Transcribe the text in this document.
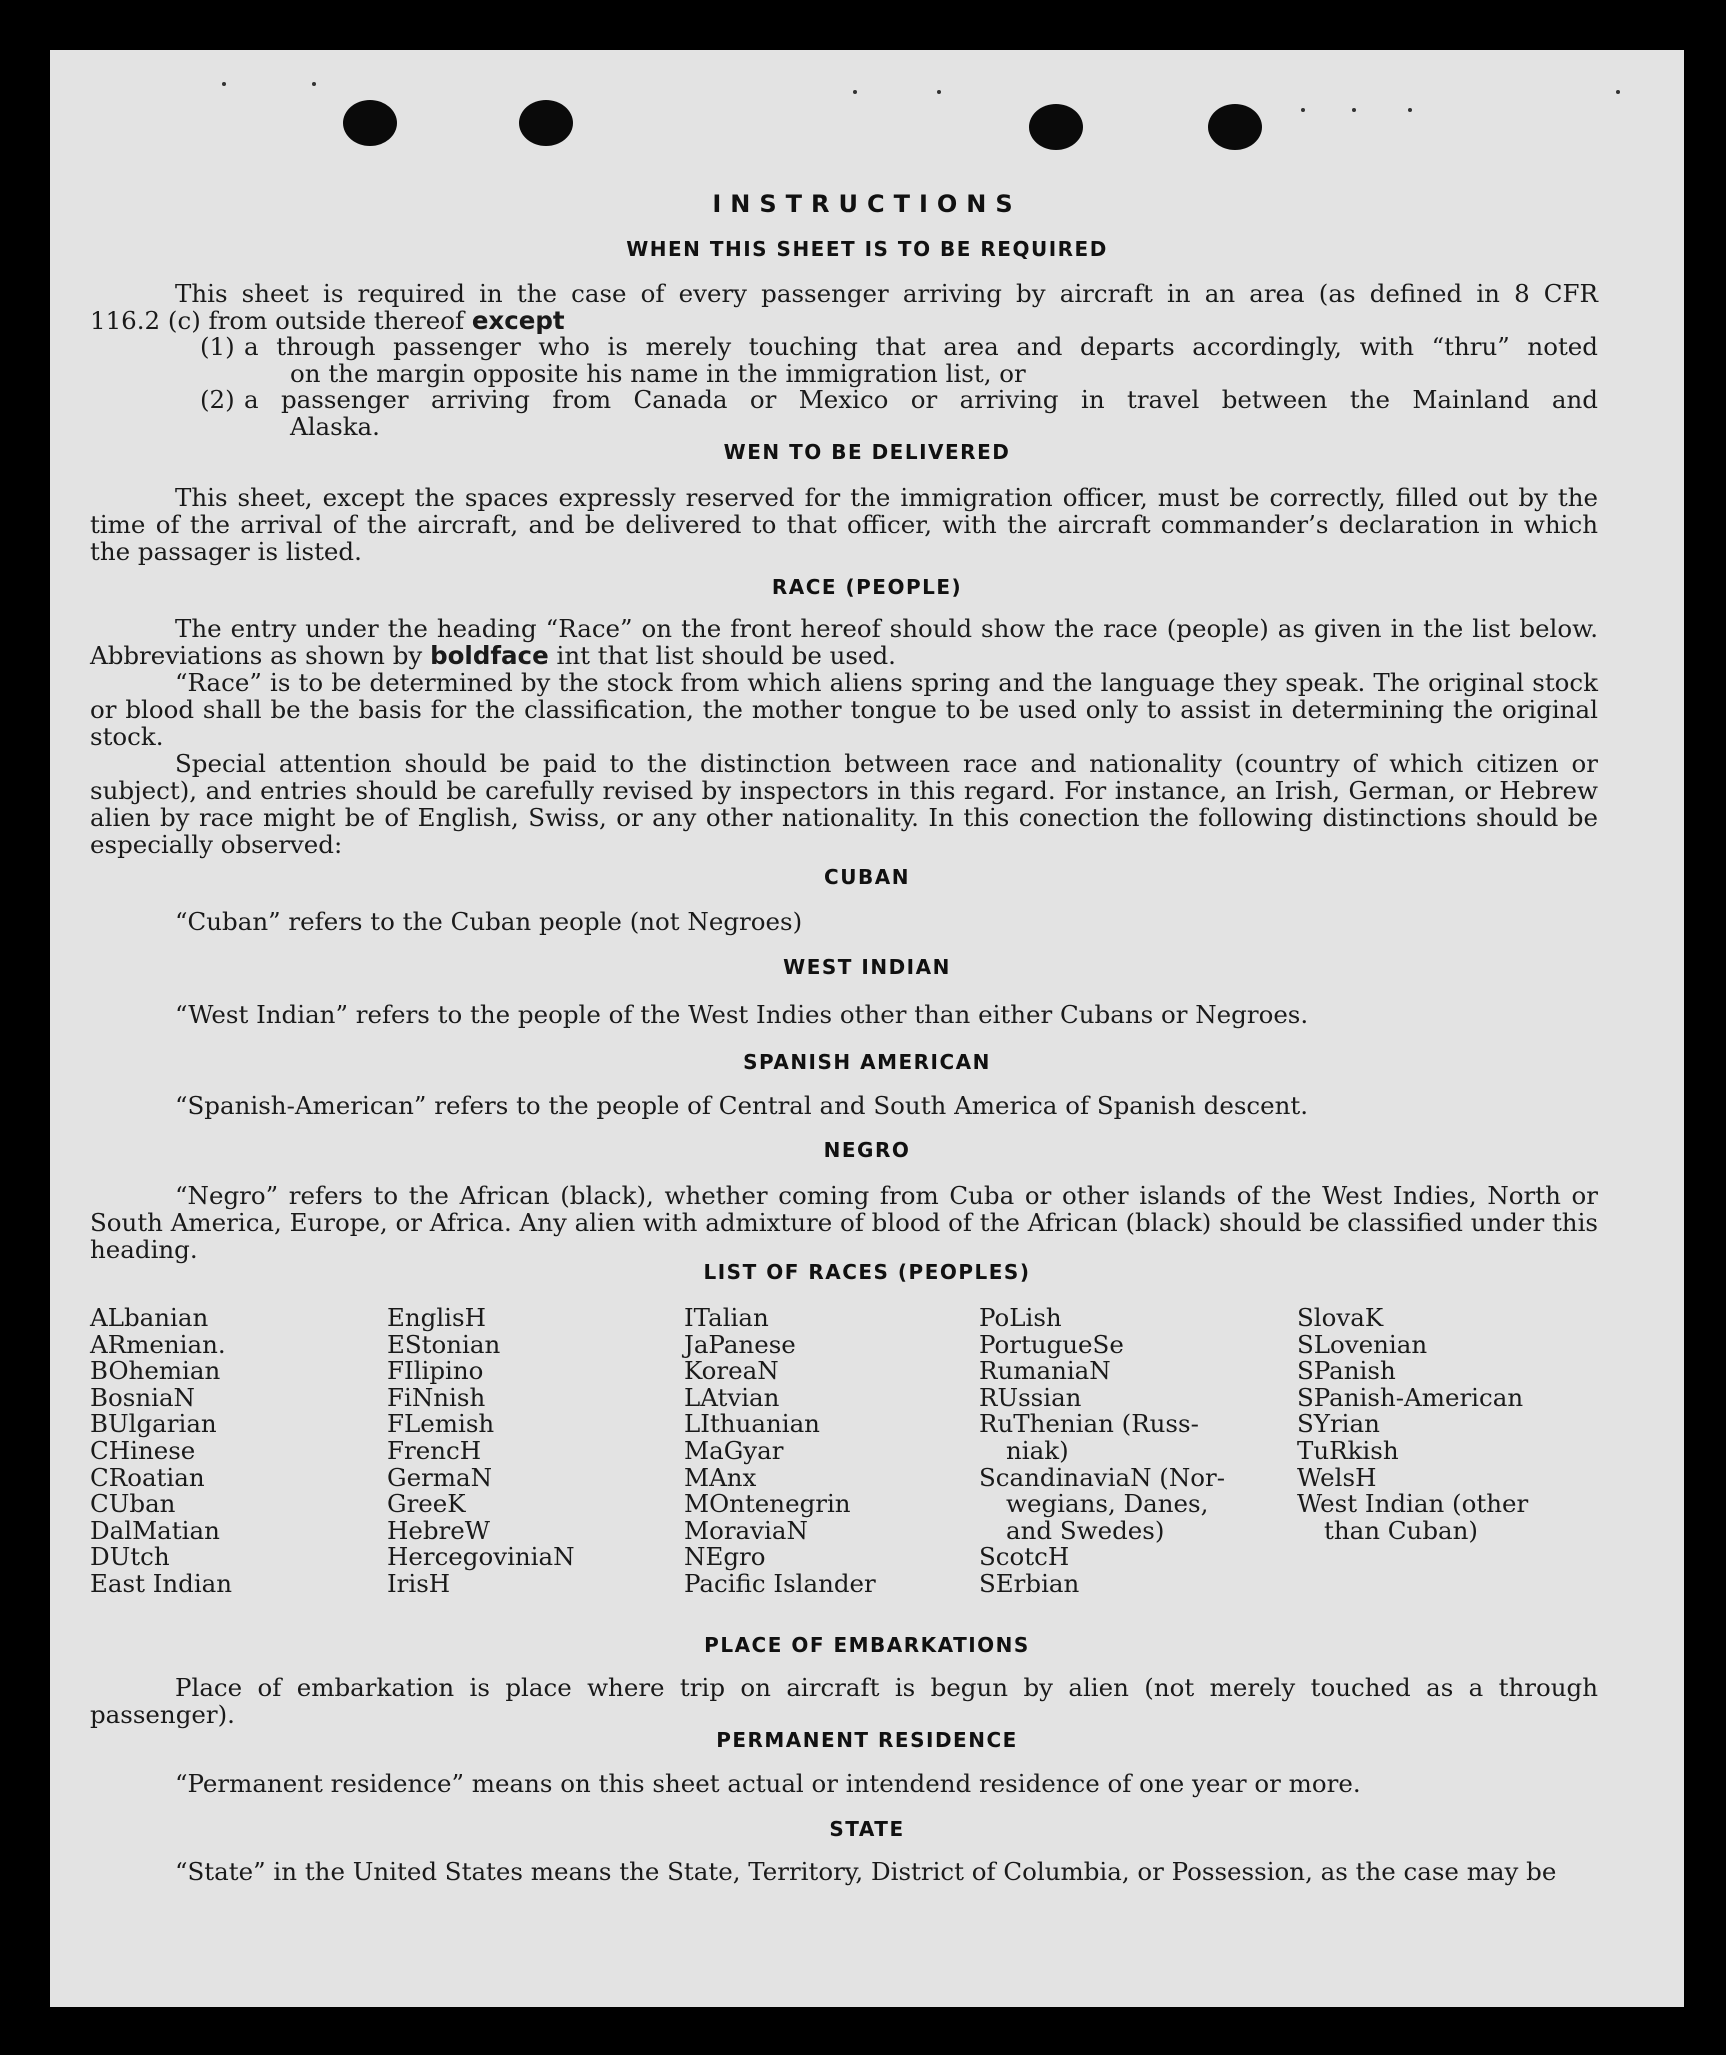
INSTRUCTIONS
WHEN THIS SHEET IS TO BE REQUIRED
This sheet is required in the case of every passenger arriving by aircraft in an area (as defined in 8 CFR
116.2 (c) from outside thereof except
(1) a through passenger who is merely touching that area and departs accordingly, with “thru” noted
on the margin opposite his name in the immigration list, or
(2) a passenger arriving from Canada or Mexico or arriving in travel between the Mainland and
Alaska.
WEN TO BE DELIVERED
This sheet, except the spaces expressly reserved for the immigration officer, must be correctly, filled out by the time of the arrival of the aircraft, and be delivered to that officer, with the aircraft commander’s declaration in which the passager is listed.
RACE (PEOPLE)
The entry under the heading “Race” on the front hereof should show the race (people) as given in the list below. Abbreviations as shown by boldface int that list should be used.
“Race” is to be determined by the stock from which aliens spring and the language they speak. The original stock or blood shall be the basis for the classification, the mother tongue to be used only to assist in determining the original stock.
Special attention should be paid to the distinction between race and nationality (country of which citizen or subject), and entries should be carefully revised by inspectors in this regard. For instance, an Irish, German, or Hebrew alien by race might be of English, Swiss, or any other nationality. In this conection the following distinctions should be especially observed:
CUBAN
“Cuban” refers to the Cuban people (not Negroes)
WEST INDIAN
“West Indian” refers to the people of the West Indies other than either Cubans or Negroes.
SPANISH AMERICAN
“Spanish-American” refers to the people of Central and South America of Spanish descent.
NEGRO
“Negro” refers to the African (black), whether coming from Cuba or other islands of the West Indies, North or South America, Europe, or Africa. Any alien with admixture of blood of the African (black) should be classified under this heading.
LIST OF RACES (PEOPLES)
ALbanian
ARmenian.
BOhemian
BosniaN
BUlgarian
CHinese
CRoatian
CUban
DalMatian
DUtch
East Indian
EnglisH
EStonian
FIlipino
FiNnish
FLemish
FrencH
GermaN
GreeK
HebreW
HercegoviniaN
IrisH
ITalian
JaPanese
KoreaN
LAtvian
LIthuanian
MaGyar
MAnx
MOntenegrin
MoraviaN
NEgro
Pacific Islander
PoLish
PortugueSe
RumaniaN
RUssian
RuThenian (Russ-
niak)
ScandinaviaN (Nor-
wegians, Danes,
and Swedes)
ScotcH
SErbian
SlovaK
SLovenian
SPanish
SPanish-American
SYrian
TuRkish
WelsH
West Indian (other
than Cuban)
PLACE OF EMBARKATIONS
Place of embarkation is place where trip on aircraft is begun by alien (not merely touched as a through passenger).
PERMANENT RESIDENCE
“Permanent residence” means on this sheet actual or intendend residence of one year or more.
STATE
“State” in the United States means the State, Territory, District of Columbia, or Possession, as the case may be
